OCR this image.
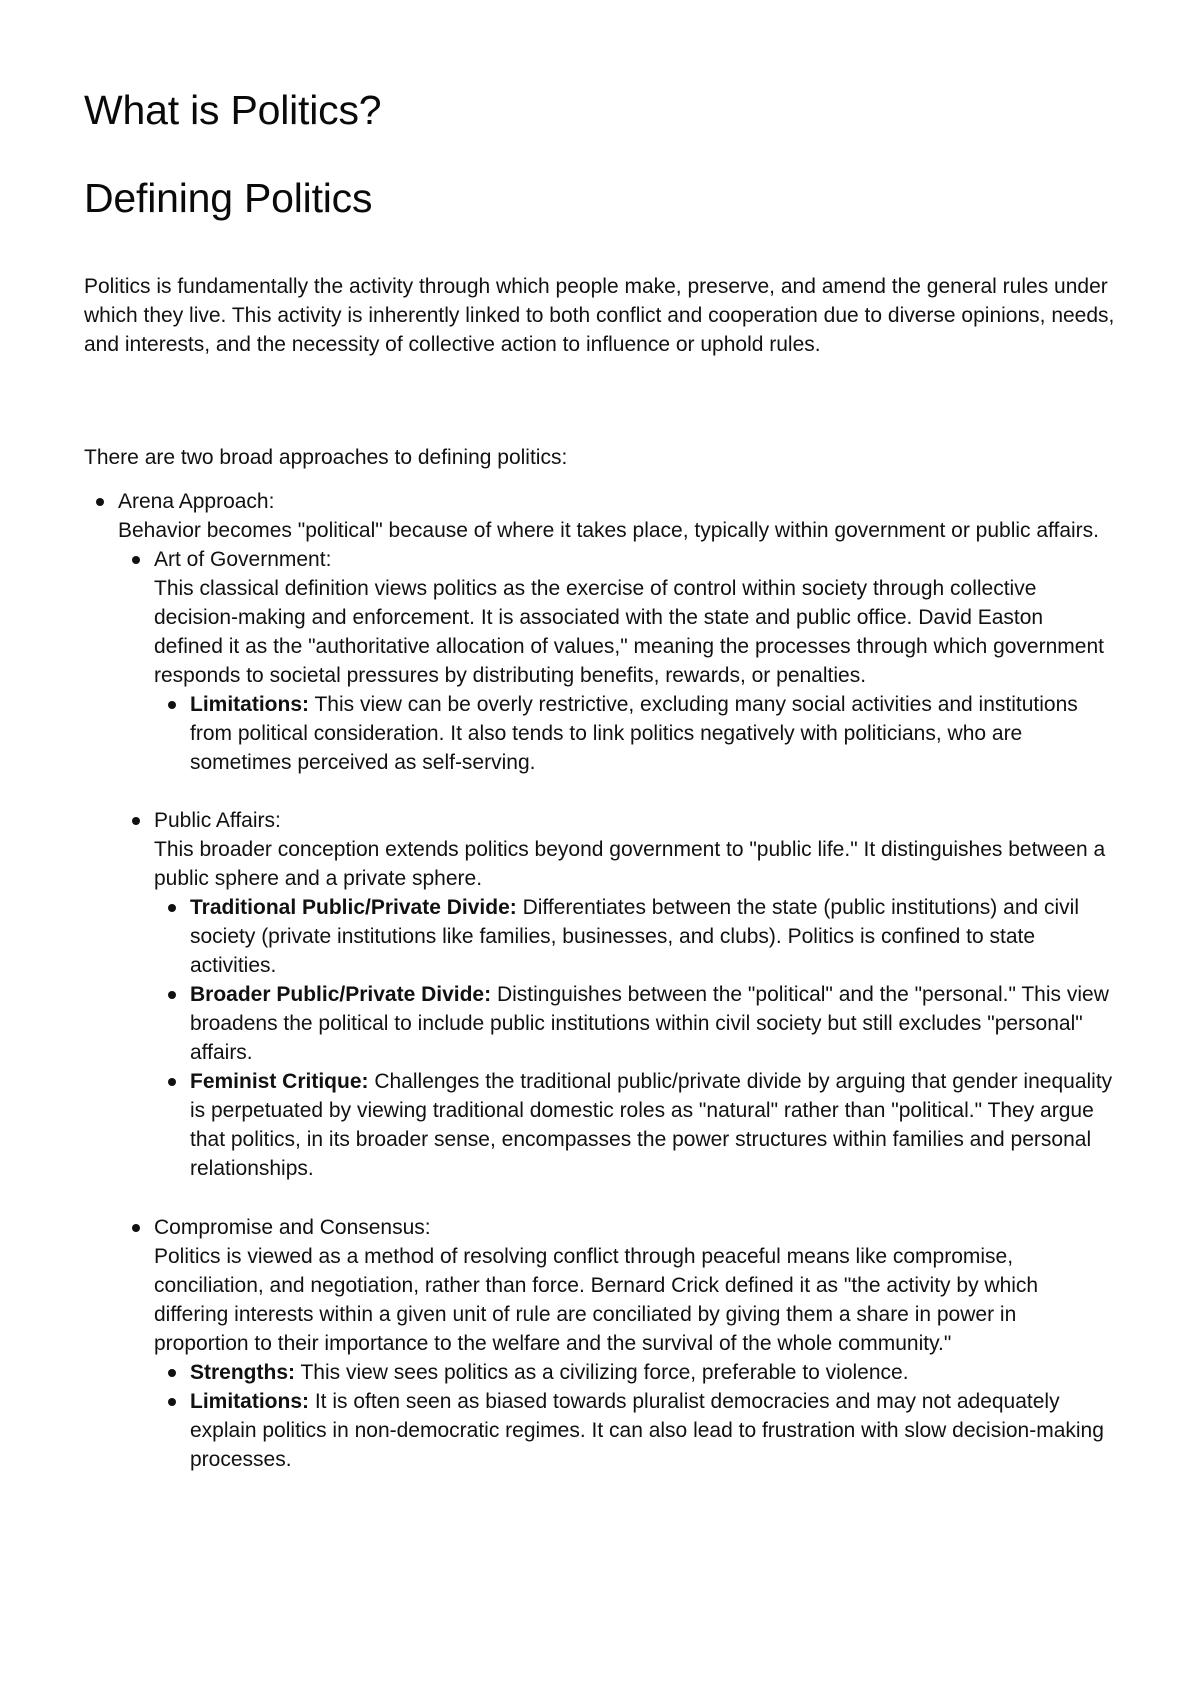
What is Politics?
Defining Politics

Politics is fundamentally the activity through which people make, preserve, and amend the general rules under which they live. This activity is inherently linked to both conflict and cooperation due to diverse opinions, needs, and interests, and the necessity of collective action to influence or uphold rules.

There are two broad approaches to defining politics:

Arena Approach:
Behavior becomes "political" because of where it takes place, typically within government or public affairs.
Art of Government:
This classical definition views politics as the exercise of control within society through collective decision-making and enforcement. It is associated with the state and public office. David Easton defined it as the "authoritative allocation of values," meaning the processes through which government responds to societal pressures by distributing benefits, rewards, or penalties.
Limitations: This view can be overly restrictive, excluding many social activities and institutions from political consideration. It also tends to link politics negatively with politicians, who are sometimes perceived as self-serving.
Public Affairs:
This broader conception extends politics beyond government to "public life." It distinguishes between a public sphere and a private sphere.
Traditional Public/Private Divide: Differentiates between the state (public institutions) and civil society (private institutions like families, businesses, and clubs). Politics is confined to state activities.
Broader Public/Private Divide: Distinguishes between the "political" and the "personal." This view broadens the political to include public institutions within civil society but still excludes "personal" affairs.
Feminist Critique: Challenges the traditional public/private divide by arguing that gender inequality is perpetuated by viewing traditional domestic roles as "natural" rather than "political." They argue that politics, in its broader sense, encompasses the power structures within families and personal relationships.
Compromise and Consensus:
Politics is viewed as a method of resolving conflict through peaceful means like compromise, conciliation, and negotiation, rather than force. Bernard Crick defined it as "the activity by which differing interests within a given unit of rule are conciliated by giving them a share in power in proportion to their importance to the welfare and the survival of the whole community."
Strengths: This view sees politics as a civilizing force, preferable to violence.
Limitations: It is often seen as biased towards pluralist democracies and may not adequately explain politics in non-democratic regimes. It can also lead to frustration with slow decision-making processes.
